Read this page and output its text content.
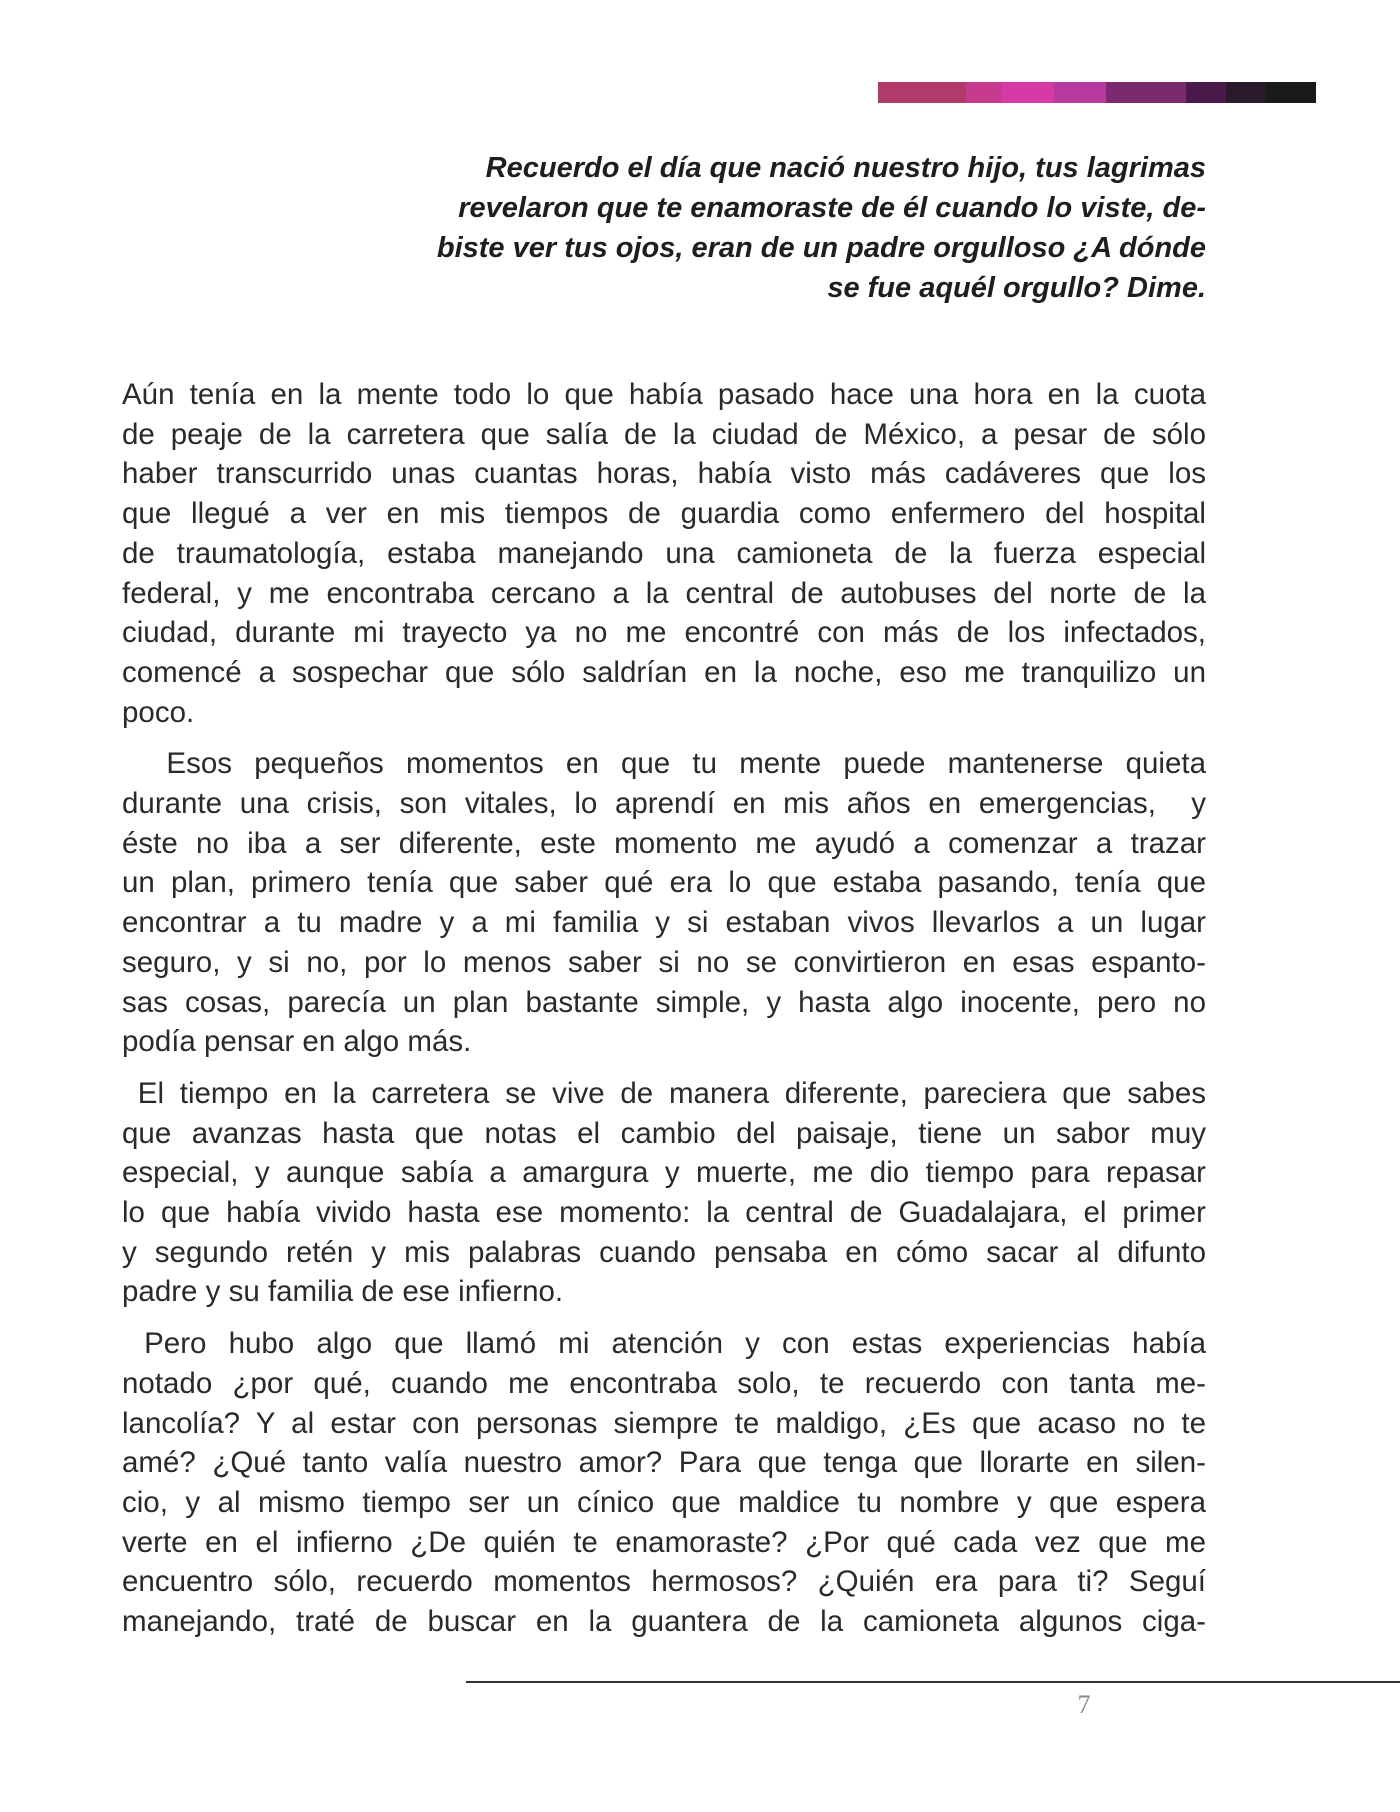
Recuerdo el día que nació nuestro hijo, tus lagrimas
revelaron que te enamoraste de él cuando lo viste, de-
biste ver tus ojos, eran de un padre orgulloso ¿A dónde
se fue aquél orgullo? Dime.
Aún tenía en la mente todo lo que había pasado hace una hora en la cuota
de peaje de la carretera que salía de la ciudad de México, a pesar de sólo
haber transcurrido unas cuantas horas, había visto más cadáveres que los
que llegué a ver en mis tiempos de guardia como enfermero del hospital
de traumatología, estaba manejando una camioneta de la fuerza especial
federal, y me encontraba cercano a la central de autobuses del norte de la
ciudad, durante mi trayecto ya no me encontré con más de los infectados,
comencé a sospechar que sólo saldrían en la noche, eso me tranquilizo un
poco.
Esos pequeños momentos en que tu mente puede mantenerse quieta
durante una crisis, son vitales, lo aprendí en mis años en emergencias,  y
éste no iba a ser diferente, este momento me ayudó a comenzar a trazar
un plan, primero tenía que saber qué era lo que estaba pasando, tenía que
encontrar a tu madre y a mi familia y si estaban vivos llevarlos a un lugar
seguro, y si no, por lo menos saber si no se convirtieron en esas espanto-
sas cosas, parecía un plan bastante simple, y hasta algo inocente, pero no
podía pensar en algo más.
El tiempo en la carretera se vive de manera diferente, pareciera que sabes
que avanzas hasta que notas el cambio del paisaje, tiene un sabor muy
especial, y aunque sabía a amargura y muerte, me dio tiempo para repasar
lo que había vivido hasta ese momento: la central de Guadalajara, el primer
y segundo retén y mis palabras cuando pensaba en cómo sacar al difunto
padre y su familia de ese infierno.
Pero hubo algo que llamó mi atención y con estas experiencias había
notado ¿por qué, cuando me encontraba solo, te recuerdo con tanta me-
lancolía? Y al estar con personas siempre te maldigo, ¿Es que acaso no te
amé? ¿Qué tanto valía nuestro amor? Para que tenga que llorarte en silen-
cio, y al mismo tiempo ser un cínico que maldice tu nombre y que espera
verte en el infierno ¿De quién te enamoraste? ¿Por qué cada vez que me
encuentro sólo, recuerdo momentos hermosos? ¿Quién era para ti? Seguí
manejando, traté de buscar en la guantera de la camioneta algunos ciga-
7
